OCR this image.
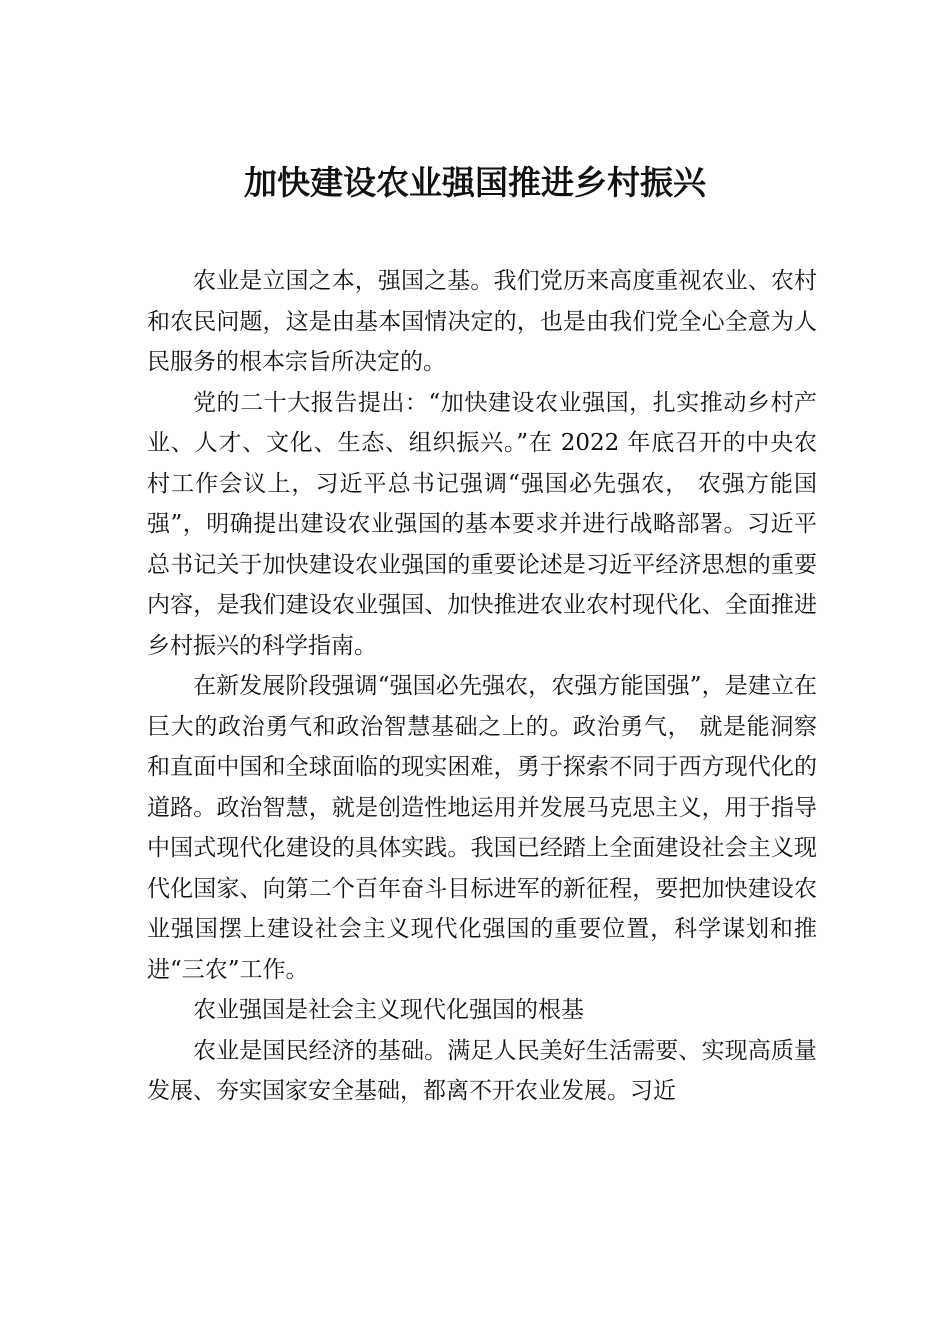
加快建设农业强国推进乡村振兴

农业是立国之本，强国之基。我们党历来高度重视农业、农村和农民问题，这是由基本国情决定的，也是由我们党全心全意为人民服务的根本宗旨所决定的。

党的二十大报告提出：“加快建设农业强国，扎实推动乡村产业、人才、文化、生态、组织振兴。”在 2022 年底召开的中央农村工作会议上，习近平总书记强调“强国必先强农， 农强方能国强”，明确提出建设农业强国的基本要求并进行战略部署。习近平总书记关于加快建设农业强国的重要论述是习近平经济思想的重要内容，是我们建设农业强国、加快推进农业农村现代化、全面推进乡村振兴的科学指南。

在新发展阶段强调“强国必先强农，农强方能国强”，是建立在巨大的政治勇气和政治智慧基础之上的。政治勇气， 就是能洞察和直面中国和全球面临的现实困难，勇于探索不同于西方现代化的道路。政治智慧，就是创造性地运用并发展马克思主义，用于指导中国式现代化建设的具体实践。我国已经踏上全面建设社会主义现代化国家、向第二个百年奋斗目标进军的新征程，要把加快建设农业强国摆上建设社会主义现代化强国的重要位置，科学谋划和推进“三农”工作。

农业强国是社会主义现代化强国的根基

农业是国民经济的基础。满足人民美好生活需要、实现高质量发展、夯实国家安全基础，都离不开农业发展。习近
